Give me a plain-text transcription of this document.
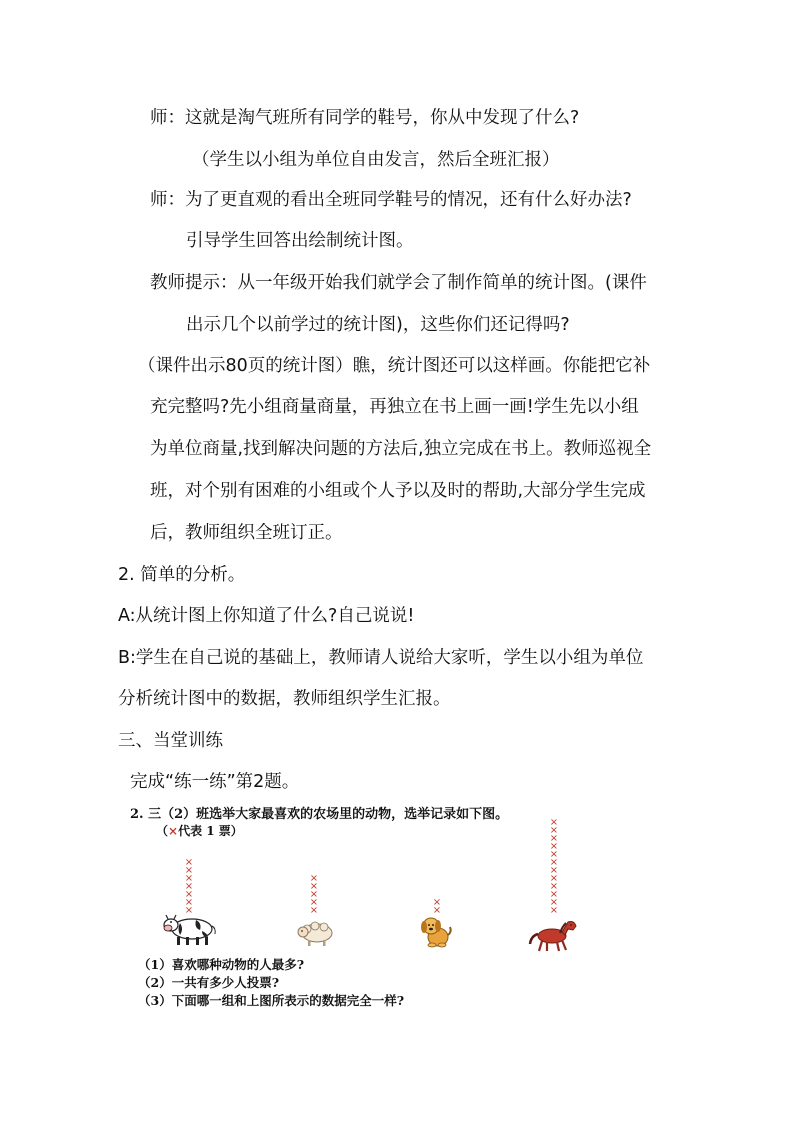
师：这就是淘气班所有同学的鞋号，你从中发现了什么?
（学生以小组为单位自由发言，然后全班汇报）
师：为了更直观的看出全班同学鞋号的情况，还有什么好办法?
引导学生回答出绘制统计图。
教师提示：从一年级开始我们就学会了制作简单的统计图。(课件
出示几个以前学过的统计图)，这些你们还记得吗?
（课件出示80页的统计图）瞧，统计图还可以这样画。你能把它补
充完整吗?先小组商量商量，再独立在书上画一画!学生先以小组
为单位商量,找到解决问题的方法后,独立完成在书上。教师巡视全
班，对个别有困难的小组或个人予以及时的帮助,大部分学生完成
后，教师组织全班订正。
2. 简单的分析。
A:从统计图上你知道了什么?自己说说!
B:学生在自己说的基础上，教师请人说给大家听，学生以小组为单位
分析统计图中的数据，教师组织学生汇报。
三、当堂训练
完成“练一练”第2题。
2. 三（2）班选举大家最喜欢的农场里的动物，选举记录如下图。
（×代表 1 票）
×
×
×
×
×
×
×
×
×
×
×
×
×
×
×
×
×
×
×
×
×
×
×
×
×
×
（1）喜欢哪种动物的人最多?
（2）一共有多少人投票?
（3）下面哪一组和上图所表示的数据完全一样?
